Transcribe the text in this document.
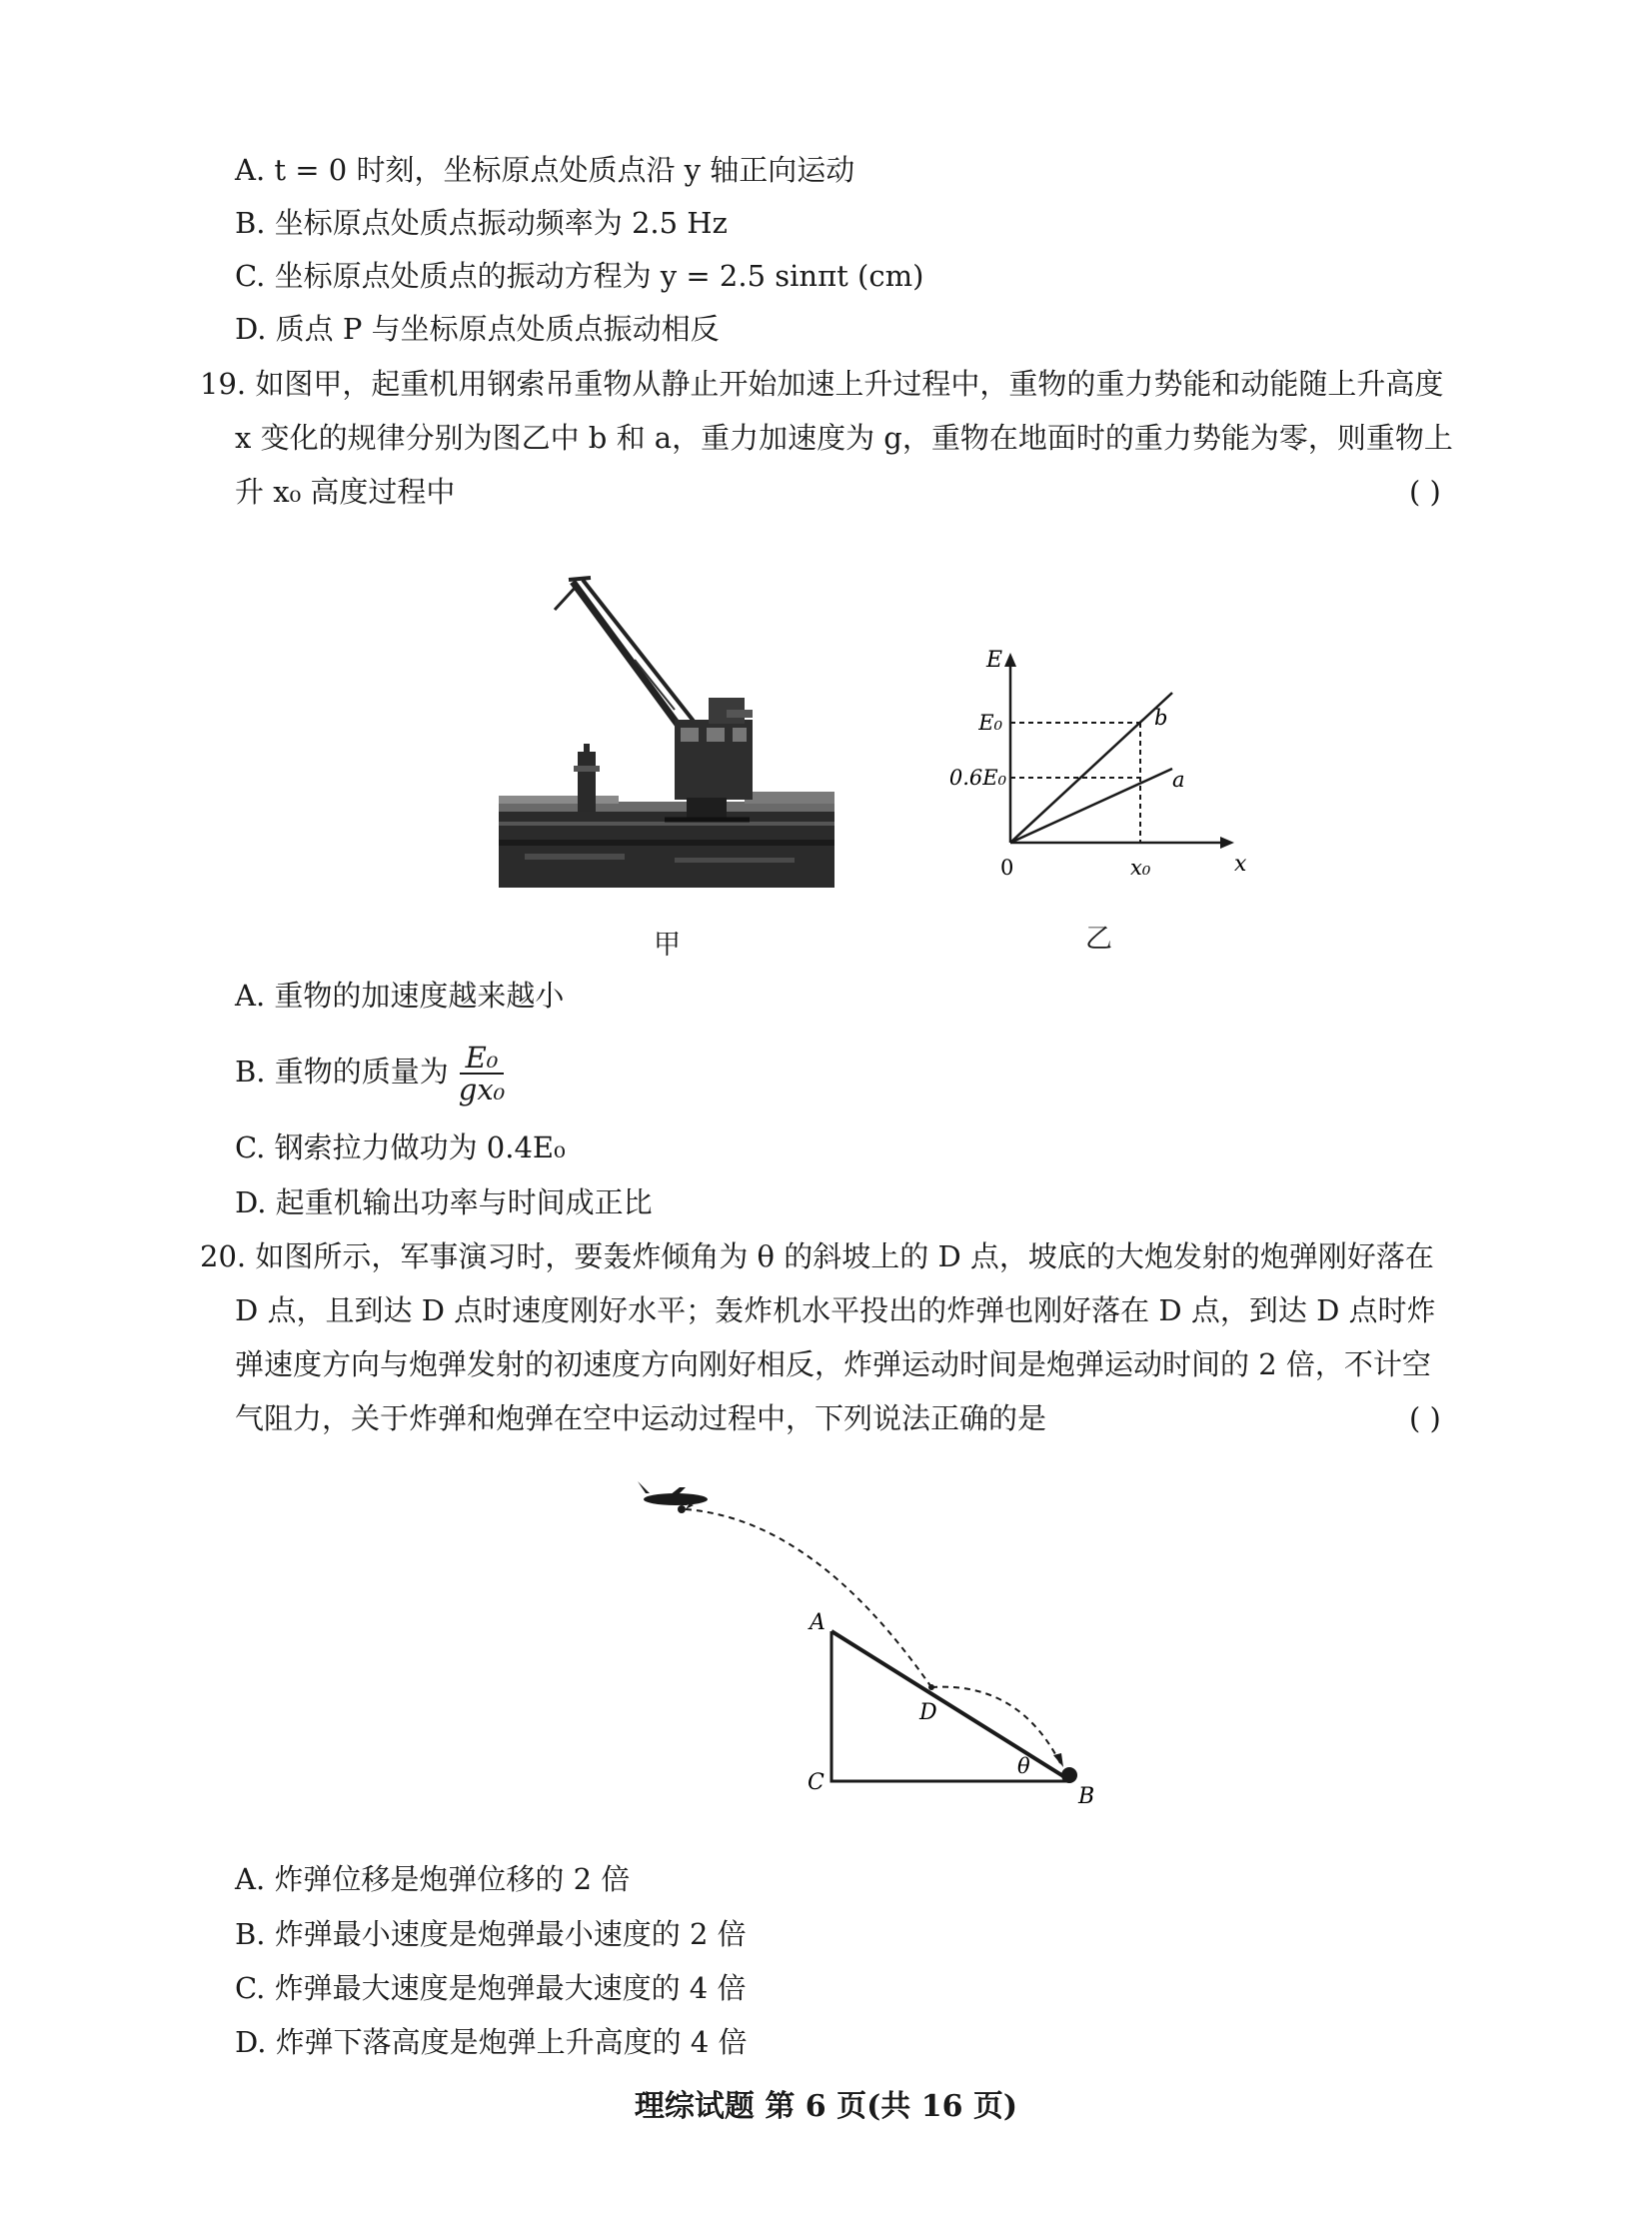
A. t = 0 时刻，坐标原点处质点沿 y 轴正向运动
B. 坐标原点处质点振动频率为 2.5 Hz
C. 坐标原点处质点的振动方程为 y = 2.5 sinπt (cm)
D. 质点 P 与坐标原点处质点振动相反
19. 如图甲，起重机用钢索吊重物从静止开始加速上升过程中，重物的重力势能和动能随上升高度
x 变化的规律分别为图乙中 b 和 a，重力加速度为 g，重物在地面时的重力势能为零，则重物上
升 x₀ 高度过程中	( )
甲
E
x
0	x₀
E₀
0.6E₀
b
a
乙
A. 重物的加速度越来越小
B. 重物的质量为 $\frac{\text{E₀}}{\text{gx₀}}$
C. 钢索拉力做功为 0.4E₀
D. 起重机输出功率与时间成正比
20. 如图所示，军事演习时，要轰炸倾角为 θ 的斜坡上的 D 点，坡底的大炮发射的炮弹刚好落在
D 点，且到达 D 点时速度刚好水平；轰炸机水平投出的炸弹也刚好落在 D 点，到达 D 点时炸
弹速度方向与炮弹发射的初速度方向刚好相反，炸弹运动时间是炮弹运动时间的 2 倍，不计空
气阻力，关于炸弹和炮弹在空中运动过程中，下列说法正确的是	( )
A
B
C
D
θ
A. 炸弹位移是炮弹位移的 2 倍
B. 炸弹最小速度是炮弹最小速度的 2 倍
C. 炸弹最大速度是炮弹最大速度的 4 倍
D. 炸弹下落高度是炮弹上升高度的 4 倍
理综试题 第 6 页(共 16 页)
